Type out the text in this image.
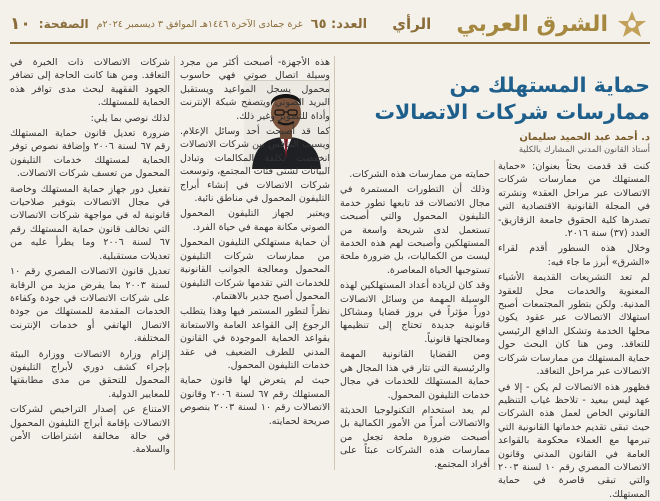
الشرق العربي
الرأي
العدد: ٦٥
غرة جمادى الآخرة ١٤٤٦هـ الموافق ٣ ديسمبر ٢٠٢٤م
الصفحة:
١٠
حماية المستهلك من ممارسات شركات الاتصالات
د. أحمد عبد الحميد سليمان
أستاذ القانون المدني المشارك بالكلية

كنت قد قدمت بحثاً بعنوان: «حماية المستهلك من ممارسات شركات الاتصالات عبر مراحل العقد» ونشرته في المجلة القانونية الاقتصادية التي تصدرها كلية الحقوق جامعة الزقازيق- العدد (٣٧) سنة ٢٠١٦.

وخلال هذه السطور أقدم لقراء «الشرق» أبرز ما جاء فيه:

لم تعد التشريعات القديمة الأشياء المعنوية والخدمات محل للعقود المدنية. ولكن بتطور المجتمعات أصبح استهلاك الاتصالات عبر عقود يكون محلها الخدمة وتشكل الدافع الرئيسي للتعاقد. ومن هنا كان البحث حول حماية المستهلك من ممارسات شركات الاتصالات عبر مراحل التعاقد.

فظهور هذه الاتصالات لم يكن - إلا في عهد ليس ببعيد - تلاحظ غياب التنظيم القانوني الخاص لعمل هذه الشركات حيث تبقى تقديم خدماتها القانونية التي تبرمها مع العملاء محكومة بالقواعد العامة في القانون المدني وقانون الاتصالات المصري رقم ١٠ لسنة ٢٠٠٣ والتي تبقى قاصرة في حماية المستهلك.

حمايته من ممارسات هذه الشركات.

وذلك أن التطورات المستمرة في مجال الاتصالات قد تابعها تطور خدمة التليفون المحمول والتي أصبحت تستعمل لدى شريحة واسعة من المستهلكين وأصبحت لهم هذه الخدمة ليست من الكماليات، بل ضرورة ملحة تستوجبها الحياة المعاصرة.

وقد كان لزيادة أعداد المستهلكين لهذه الوسيلة المهمة من وسائل الاتصالات دوراً مؤثراً في بروز قضايا ومشاكل قانونية جديدة تحتاج إلى تنظيمها ومعالجتها قانونياً.

ومن القضايا القانونية المهمة والرئيسية التي تثار في هذا المجال هي حماية المستهلك للخدمات في مجال خدمات التليفون المحمول.

لم يعد استخدام التكنولوجيا الحديثة والاتصالات أمراً من الأمور الكمالية بل أصبحت ضرورة ملحة تجعل من ممارسات هذه الشركات عبئاً على أفراد المجتمع.

هذه الأجهزة- أصبحت أكثر من مجرد وسيلة اتصال صوتي فهي حاسوب محمول يسجل المواعيد ويستقبل البريد الصوتي ويتصفح شبكة الإنترنت وأداة للتصوير وغير ذلك.

كما قد أصبحت أحد وسائل الإعلام. ويسبب التنافس بين شركات الاتصالات انخفضت تكلفة المكالمات وتبادل البيانات لشتى فئات المجتمع، وتوسعت شركات الاتصالات في إنشاء أبراج التليفون المحمول في مناطق نائية.

ويعتبر لجهاز التليفون المحمول الصوتي مكانة مهمة في حياة الفرد.

أن حماية مستهلكي التليفون المحمول من ممارسات شركات التليفون المحمول ومعالجة الجوانب القانونية للخدمات التي تقدمها شركات التليفون المحمول أصبح جدير بالاهتمام.

نظراً لتطور المستمر فيها وهذا يتطلب الرجوع إلى القواعد العامة والاستعانة بقواعد الحماية الموجودة في القانون المدني للطرف الضعيف في عقد خدمات التليفون المحمول.

حيث لم يتعرض لها قانون حماية المستهلك رقم ٦٧ لسنة ٢٠٠٦ وقانون الاتصالات رقم ١٠ لسنة ٢٠٠٣ بنصوص صريحة لحمايته.

شركات الاتصالات ذات الخبرة في التعاقد. ومن هنا كانت الحاجة إلى تضافر الجهود الفقهية لبحث مدى توافر هذه الحماية للمستهلك.

لذلك نوصي بما يلي:

ضرورة تعديل قانون حماية المستهلك رقم ٦٧ لسنة ٢٠٠٦ وإضافة نصوص توفر الحماية لمستهلك خدمات التليفون المحمول من تعسف شركات الاتصالات.

تفعيل دور جهاز حماية المستهلك وخاصة في مجال الاتصالات بتوفير صلاحيات قانونية له في مواجهة شركات الاتصالات التي تخالف قانون حماية المستهلك رقم ٦٧ لسنة ٢٠٠٦ وما يطرأ عليه من تعديلات مستقبلية.

تعديل قانون الاتصالات المصري رقم ١٠ لسنة ٢٠٠٣ بما يفرض مزيد من الرقابة على شركات الاتصالات في جودة وكفاءة الخدمات المقدمة للمستهلك من جودة الاتصال الهاتفي أو خدمات الإنترنت المختلفة.

إلزام وزارة الاتصالات ووزارة البيئة بإجراء كشف دوري لأبراج التليفون المحمول للتحقق من مدى مطابقتها للمعايير الدولية.

الامتناع عن إصدار التراخيص لشركات الاتصالات بإقامة أبراج التليفون المحمول في حالة مخالفة اشتراطات الأمن والسلامة.
